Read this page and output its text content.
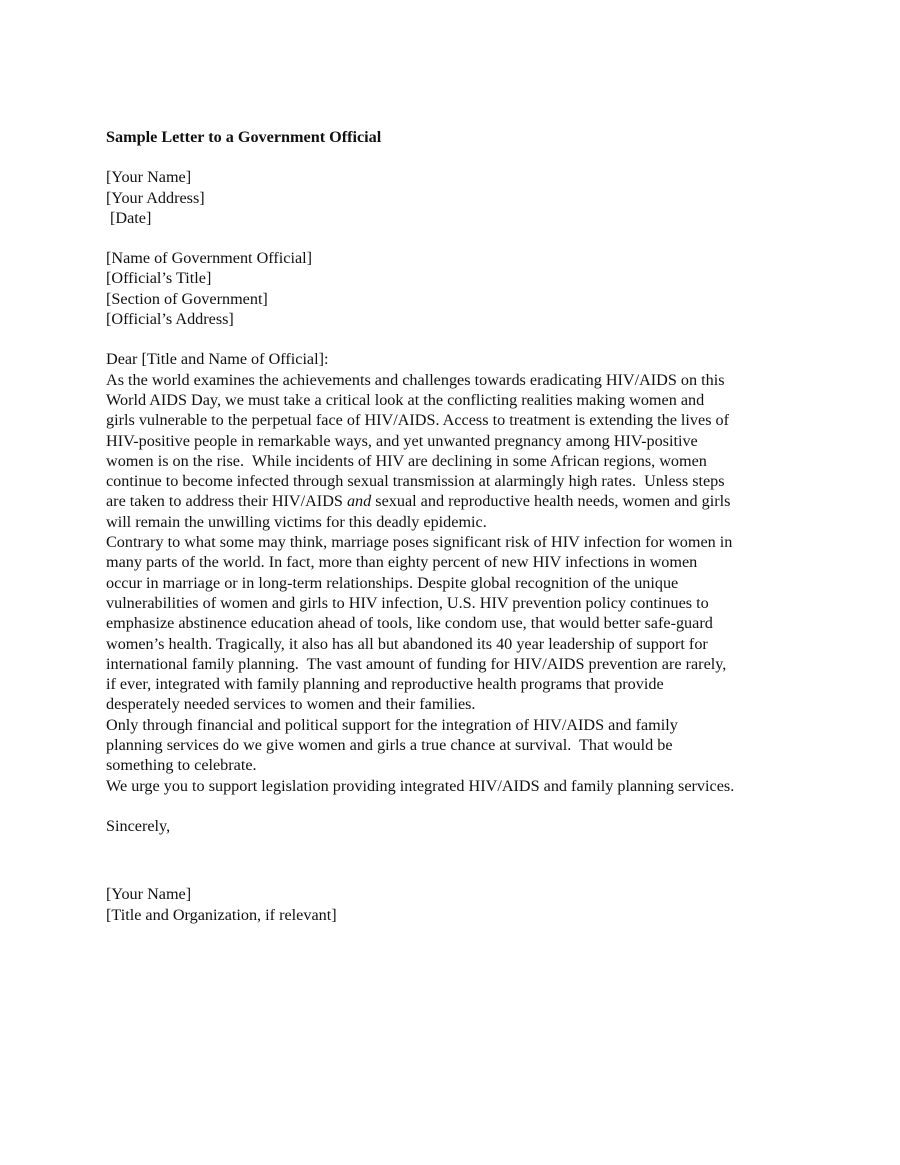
Sample Letter to a Government Official

[Your Name]
[Your Address]
[Date]
[Name of Government Official]
[Official’s Title]
[Section of Government]
[Official’s Address]

Dear [Title and Name of Official]:

As the world examines the achievements and challenges towards eradicating HIV/AIDS on this
World AIDS Day, we must take a critical look at the conflicting realities making women and
girls vulnerable to the perpetual face of HIV/AIDS. Access to treatment is extending the lives of
HIV-positive people in remarkable ways, and yet unwanted pregnancy among HIV-positive
women is on the rise.  While incidents of HIV are declining in some African regions, women
continue to become infected through sexual transmission at alarmingly high rates.  Unless steps
are taken to address their HIV/AIDS and sexual and reproductive health needs, women and girls
will remain the unwilling victims for this deadly epidemic.
Contrary to what some may think, marriage poses significant risk of HIV infection for women in
many parts of the world. In fact, more than eighty percent of new HIV infections in women
occur in marriage or in long-term relationships. Despite global recognition of the unique
vulnerabilities of women and girls to HIV infection, U.S. HIV prevention policy continues to
emphasize abstinence education ahead of tools, like condom use, that would better safe-guard
women’s health. Tragically, it also has all but abandoned its 40 year leadership of support for
international family planning.  The vast amount of funding for HIV/AIDS prevention are rarely,
if ever, integrated with family planning and reproductive health programs that provide
desperately needed services to women and their families.
Only through financial and political support for the integration of HIV/AIDS and family
planning services do we give women and girls a true chance at survival.  That would be
something to celebrate.

We urge you to support legislation providing integrated HIV/AIDS and family planning services.

Sincerely,

[Your Name]
[Title and Organization, if relevant]
